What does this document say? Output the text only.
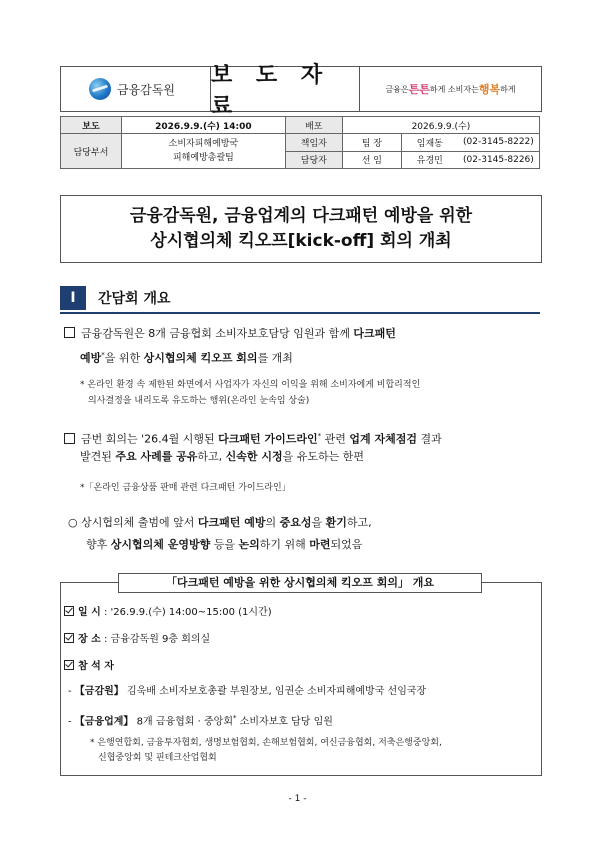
금융감독원
보 도 자 료
금융은 튼튼 하게 소비자는 행복 하게
보도	2026.9.9.(수) 14:00	배포	2026.9.9.(수)		
담당부서	소비자피해예방국
피해예방총괄팀	책임자	팀 장	임재동	(02-3145-8222)
		담당자	선 임	유경민	(02-3145-8226)
금융감독원, 금융업계의 다크패턴 예방을 위한
상시협의체 킥오프[kick-off] 회의 개최
I	간담회 개요
금융감독원은 8개 금융협회 소비자보호담당 임원과 함께 다크패턴
예방*을 위한 상시협의체 킥오프 회의를 개최
* 온라인 환경 속 제한된 화면에서 사업자가 자신의 이익을 위해 소비자에게 비합리적인
의사결정을 내리도록 유도하는 행위(온라인 눈속임 상술)
금번 회의는 '26.4월 시행된 다크패턴 가이드라인* 관련 업계 자체점검 결과
발견된 주요 사례를 공유하고, 신속한 시정을 유도하는 한편
*「온라인 금융상품 판매 관련 다크패턴 가이드라인」
○ 상시협의체 출범에 앞서 다크패턴 예방의 중요성을 환기하고,
향후 상시협의체 운영방향 등을 논의하기 위해 마련되었음
「다크패턴 예방을 위한 상시협의체 킥오프 회의」 개요
일 시 : '26.9.9.(수) 14:00~15:00 (1시간)
장 소 : 금융감독원 9층 회의실
참 석 자
- 【금감원】 김욱배 소비자보호총괄 부원장보, 임권순 소비자피해예방국 선임국장
- 【금융업계】 8개 금융협회 · 중앙회* 소비자보호 담당 임원
* 은행연합회, 금융투자협회, 생명보험협회, 손해보험협회, 여신금융협회, 저축은행중앙회,
신협중앙회 및 핀테크산업협회
- 1 -
